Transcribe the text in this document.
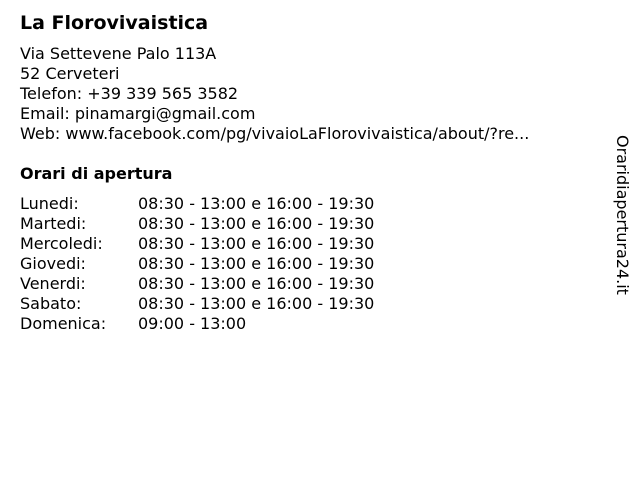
La Florovivaistica
Via Settevene Palo 113A
52 Cerveteri
Telefon: +39 339 565 3582
Email: pinamargi@gmail.com
Web: www.facebook.com/pg/vivaioLaFlorovivaistica/about/?re...
Orari di apertura
Lunedi:	08:30 - 13:00 e 16:00 - 19:30
Martedi:	08:30 - 13:00 e 16:00 - 19:30
Mercoledi: 08:30 - 13:00 e 16:00 - 19:30
Giovedi:	08:30 - 13:00 e 16:00 - 19:30
Venerdi:	08:30 - 13:00 e 16:00 - 19:30
Sabato:	08:30 - 13:00 e 16:00 - 19:30
Domenica: 09:00 - 13:00
Oraridiapertura24.it
